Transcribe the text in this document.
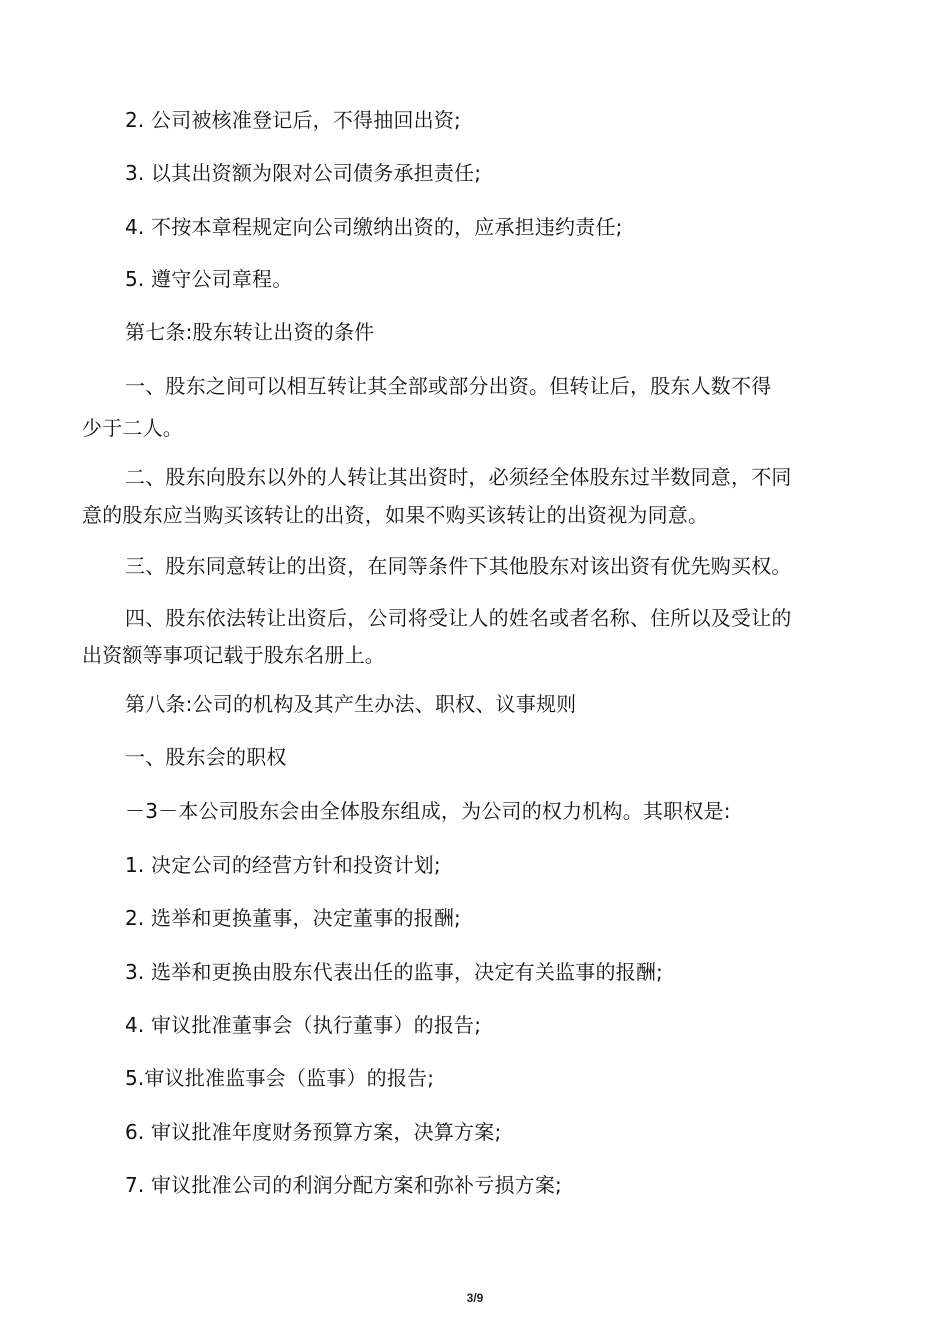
2. 公司被核准登记后，不得抽回出资;
3. 以其出资额为限对公司债务承担责任;
4. 不按本章程规定向公司缴纳出资的，应承担违约责任;
5. 遵守公司章程。
第七条:股东转让出资的条件
一、股东之间可以相互转让其全部或部分出资。但转让后，股东人数不得
少于二人。
二、股东向股东以外的人转让其出资时，必须经全体股东过半数同意，不同
意的股东应当购买该转让的出资，如果不购买该转让的出资视为同意。
三、股东同意转让的出资，在同等条件下其他股东对该出资有优先购买权。
四、股东依法转让出资后，公司将受让人的姓名或者名称、住所以及受让的
出资额等事项记载于股东名册上。
第八条:公司的机构及其产生办法、职权、议事规则
一、股东会的职权
－3－本公司股东会由全体股东组成，为公司的权力机构。其职权是:
1. 决定公司的经营方针和投资计划;
2. 选举和更换董事，决定董事的报酬;
3. 选举和更换由股东代表出任的监事，决定有关监事的报酬;
4. 审议批准董事会（执行董事）的报告;
5.审议批准监事会（监事）的报告;
6. 审议批准年度财务预算方案，决算方案;
7. 审议批准公司的利润分配方案和弥补亏损方案;
3/9
